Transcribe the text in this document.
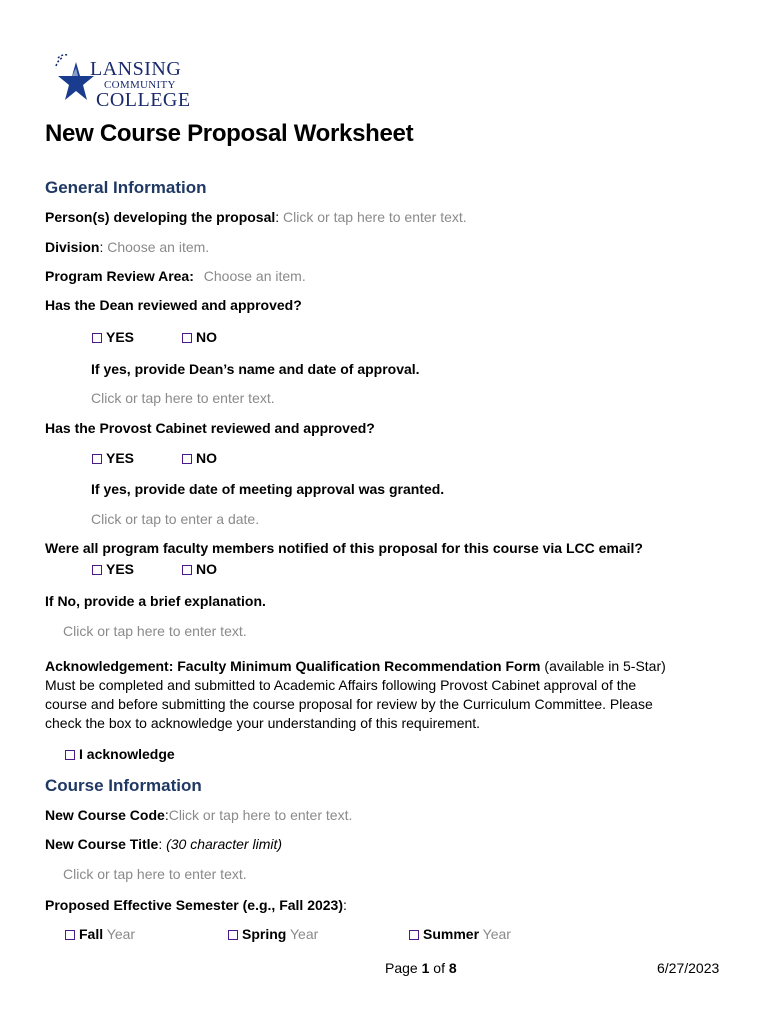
LANSING
COMMUNITY
COLLEGE
New Course Proposal Worksheet
General Information
Person(s) developing the proposal: Click or tap here to enter text.
Division: Choose an item.
Program Review Area: Choose an item.
Has the Dean reviewed and approved?
YES	NO
If yes, provide Dean’s name and date of approval.
Click or tap here to enter text.
Has the Provost Cabinet reviewed and approved?
YES	NO
If yes, provide date of meeting approval was granted.
Click or tap to enter a date.
Were all program faculty members notified of this proposal for this course via LCC email?
YES	NO
If No, provide a brief explanation.
Click or tap here to enter text.
Acknowledgement: Faculty Minimum Qualification Recommendation Form (available in 5-Star)
Must be completed and submitted to Academic Affairs following Provost Cabinet approval of the
course and before submitting the course proposal for review by the Curriculum Committee. Please
check the box to acknowledge your understanding of this requirement.
I acknowledge
Course Information
New Course Code:Click or tap here to enter text.
New Course Title: (30 character limit)
Click or tap here to enter text.
Proposed Effective Semester (e.g., Fall 2023):
Fall Year	Spring Year	Summer Year
Page 1 of 8	6/27/2023
